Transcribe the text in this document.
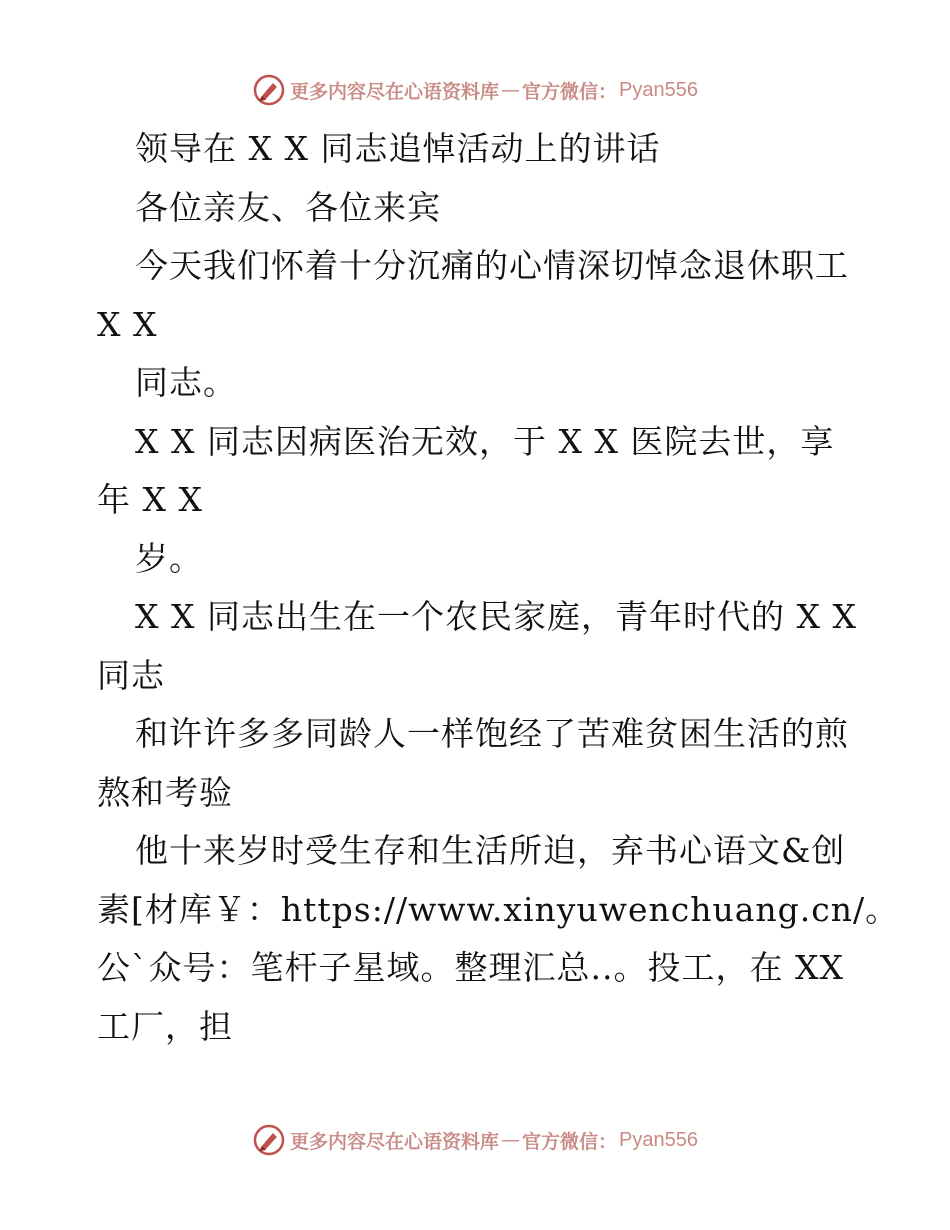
更多内容尽在心语资料库 — 官方微信： Pyan556
领导在 X X 同志追悼活动上的讲话
各位亲友、各位来宾
今天我们怀着十分沉痛的心情深切悼念退休职工
X X
同志。
X X 同志因病医治无效，于 X X 医院去世，享
年 X X
岁。
X X 同志出生在一个农民家庭，青年时代的 X X
同志
和许许多多同龄人一样饱经了苦难贫困生活的煎
熬和考验
他十来岁时受生存和生活所迫，弃书心语文&创
素[材库￥：https://www.xinyuwenchuang.cn/。
公`众号：笔杆子星域。整理汇总..。投工，在 XX
工厂，担
更多内容尽在心语资料库 — 官方微信： Pyan556
